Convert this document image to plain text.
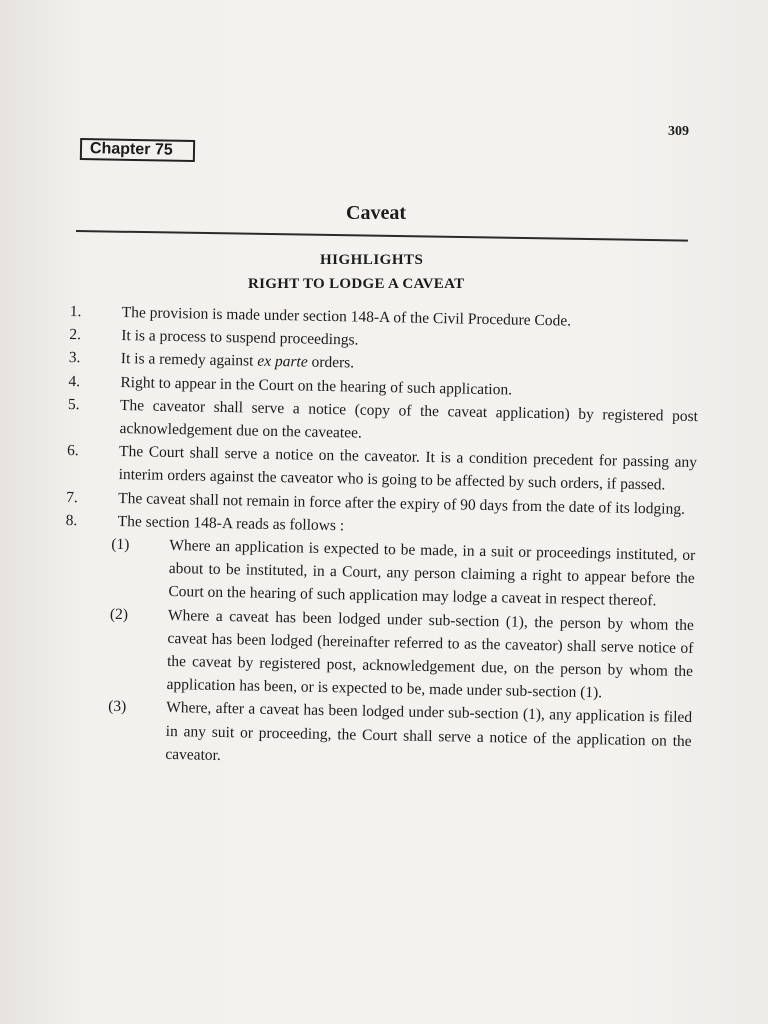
309
Chapter 75
Caveat
HIGHLIGHTS
RIGHT TO LODGE A CAVEAT
1.	The provision is made under section 148-A of the Civil Procedure Code.
2.	It is a process to suspend proceedings.
3.	It is a remedy against ex parte orders.
4.	Right to appear in the Court on the hearing of such application.
5.	The caveator shall serve a notice (copy of the caveat application) by registered post acknowledgement due on the caveatee.
6.	The Court shall serve a notice on the caveator. It is a condition precedent for passing any interim orders against the caveator who is going to be affected by such orders, if passed.
7.	The caveat shall not remain in force after the expiry of 90 days from the date of its lodging.
8.	The section 148-A reads as follows :
(1)	Where an application is expected to be made, in a suit or proceedings instituted, or about to be instituted, in a Court, any person claiming a right to appear before the Court on the hearing of such application may lodge a caveat in respect thereof.
(2)	Where a caveat has been lodged under sub-section (1), the person by whom the caveat has been lodged (hereinafter referred to as the caveator) shall serve notice of the caveat by registered post, acknowledgement due, on the person by whom the application has been, or is expected to be, made under sub-section (1).
(3)	Where, after a caveat has been lodged under sub-section (1), any application is filed in any suit or proceeding, the Court shall serve a notice of the application on the caveator.
